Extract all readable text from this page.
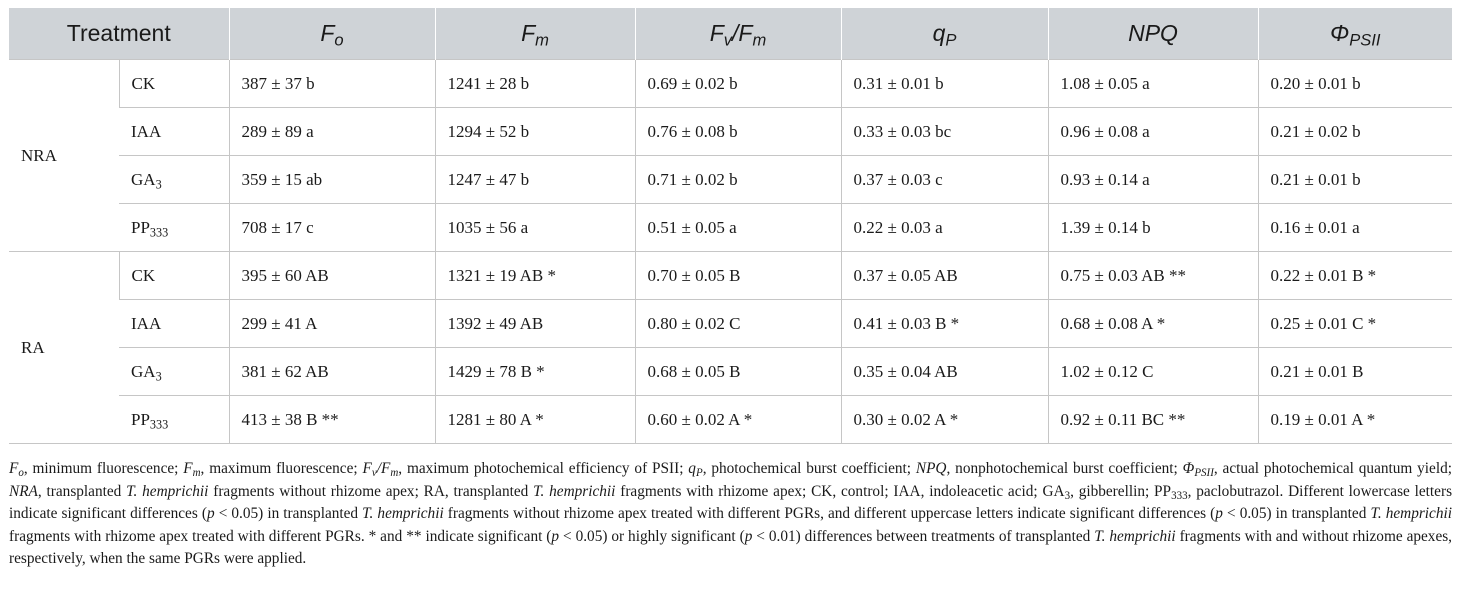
Treatment		$F_o$	$F_m$	$F_v/F_m$	$q_P$	NPQ	$\Phi_{PSII}$
NRA	CK	387 ± 37 b	1241 ± 28 b	0.69 ± 0.02 b	0.31 ± 0.01 b	1.08 ± 0.05 a	0.20 ± 0.01 b
	IAA	289 ± 89 a	1294 ± 52 b	0.76 ± 0.08 b	0.33 ± 0.03 bc	0.96 ± 0.08 a	0.21 ± 0.02 b
	$GA_3$	359 ± 15 ab	1247 ± 47 b	0.71 ± 0.02 b	0.37 ± 0.03 c	0.93 ± 0.14 a	0.21 ± 0.01 b
	$PP_{333}$	708 ± 17 c	1035 ± 56 a	0.51 ± 0.05 a	0.22 ± 0.03 a	1.39 ± 0.14 b	0.16 ± 0.01 a
RA	CK	395 ± 60 AB	1321 ± 19 AB *	0.70 ± 0.05 B	0.37 ± 0.05 AB	0.75 ± 0.03 AB **	0.22 ± 0.01 B *
	IAA	299 ± 41 A	1392 ± 49 AB	0.80 ± 0.02 C	0.41 ± 0.03 B *	0.68 ± 0.08 A *	0.25 ± 0.01 C *
	$GA_3$	381 ± 62 AB	1429 ± 78 B *	0.68 ± 0.05 B	0.35 ± 0.04 AB	1.02 ± 0.12 C	0.21 ± 0.01 B
	$PP_{333}$	413 ± 38 B **	1281 ± 80 A *	0.60 ± 0.02 A *	0.30 ± 0.02 A *	0.92 ± 0.11 BC **	0.19 ± 0.01 A *
$F_o$, minimum fluorescence; $F_m$, maximum fluorescence; $F_v/F_m$, maximum photochemical efficiency of PSII; $q_P$, photochemical burst coefficient; NPQ, nonphotochemical burst coefficient; $\Phi_{PSII}$, actual photochemical quantum yield; NRA, transplanted T. hemprichii fragments without rhizome apex; RA, transplanted T. hemprichii fragments with rhizome apex; CK, control; IAA, indoleacetic acid; $GA_3$, gibberellin; $PP_{333}$, paclobutrazol. Different lowercase letters indicate significant differences (p < 0.05) in transplanted T. hemprichii fragments without rhizome apex treated with different PGRs, and different uppercase letters indicate significant differences (p < 0.05) in transplanted T. hemprichii fragments with rhizome apex treated with different PGRs. * and ** indicate significant (p < 0.05) or highly significant (p < 0.01) differences between treatments of transplanted T. hemprichii fragments with and without rhizome apexes, respectively, when the same PGRs were applied.
